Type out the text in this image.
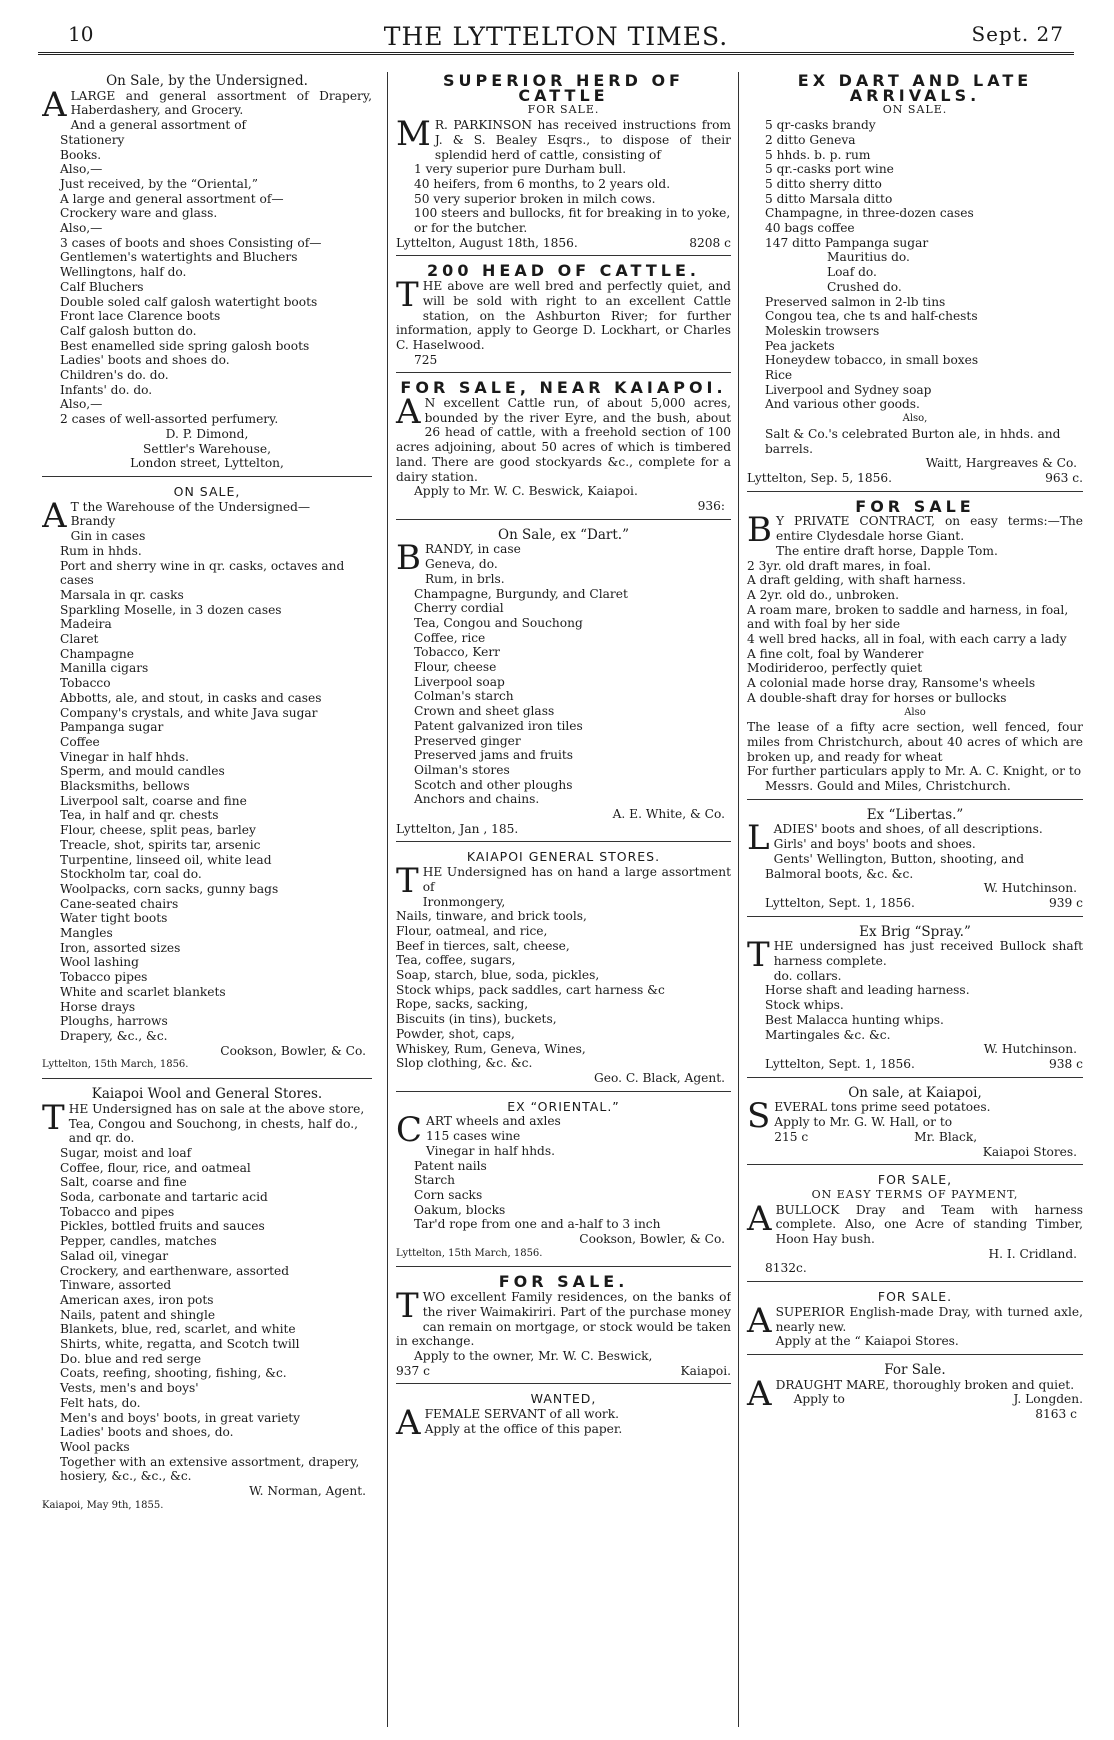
10	THE LYTTELTON TIMES.	Sept. 27
On Sale, by the Undersigned.
ALARGE and general assortment of Drapery, Haberdashery, and Grocery.
And a general assortment of
Stationery
Books.
Also,—
Just received, by the “Oriental,”
A large and general assortment of—
Crockery ware and glass.
Also,—
3 cases of boots and shoes Consisting of—
Gentlemen's watertights and Bluchers
Wellingtons, half do.
Calf Bluchers
Double soled calf galosh watertight boots
Front lace Clarence boots
Calf galosh button do.
Best enamelled side spring galosh boots
Ladies' boots and shoes do.
Children's do. do.
Infants' do. do.
Also,—
2 cases of well-assorted perfumery.
D. P. Dimond,
Settler's Warehouse,
London street, Lyttelton,
ON SALE,
A T the Warehouse of the Undersigned—
Brandy
Gin in cases
Rum in hhds.
Port and sherry wine in qr. casks, octaves and cases
Marsala in qr. casks
Sparkling Moselle, in 3 dozen cases
Madeira
Claret
Champagne
Manilla cigars
Tobacco
Abbotts, ale, and stout, in casks and cases
Company's crystals, and white Java sugar
Pampanga sugar
Coffee
Vinegar in half hhds.
Sperm, and mould candles
Blacksmiths, bellows
Liverpool salt, coarse and fine
Tea, in half and qr. chests
Flour, cheese, split peas, barley
Treacle, shot, spirits tar, arsenic
Turpentine, linseed oil, white lead
Stockholm tar, coal do.
Woolpacks, corn sacks, gunny bags
Cane-seated chairs
Water tight boots
Mangles
Iron, assorted sizes
Wool lashing
Tobacco pipes
White and scarlet blankets
Horse drays
Ploughs, harrows
Drapery, &c., &c.
Cookson, Bowler, & Co.
Lyttelton, 15th March, 1856.
Kaiapoi Wool and General Stores.
THE Undersigned has on sale at the above store,
Tea, Congou and Souchong, in chests, half do., and qr. do.
Sugar, moist and loaf
Coffee, flour, rice, and oatmeal
Salt, coarse and fine
Soda, carbonate and tartaric acid
Tobacco and pipes
Pickles, bottled fruits and sauces
Pepper, candles, matches
Salad oil, vinegar
Crockery, and earthenware, assorted
Tinware, assorted
American axes, iron pots
Nails, patent and shingle
Blankets, blue, red, scarlet, and white
Shirts, white, regatta, and Scotch twill
Do. blue and red serge
Coats, reefing, shooting, fishing, &c.
Vests, men's and boys'
Felt hats, do.
Men's and boys' boots, in great variety
Ladies' boots and shoes, do.
Wool packs
Together with an extensive assortment, drapery, hosiery, &c., &c., &c.
W. Norman, Agent.
Kaiapoi, May 9th, 1855.
SUPERIOR HERD OF CATTLE
FOR SALE.
M R. PARKINSON has received instructions from J. & S. Bealey Esqrs., to dispose of their splendid herd of cattle, consisting of
1 very superior pure Durham bull.
40 heifers, from 6 months, to 2 years old.
50 very superior broken in milch cows.
100 steers and bullocks, fit for breaking in to yoke, or for the butcher.
Lyttelton, August 18th, 1856.	8208 c
200 HEAD OF CATTLE.
THE above are well bred and perfectly quiet, and will be sold with right to an excellent Cattle station, on the Ashburton River; for further information, apply to George D. Lockhart, or Charles C. Haselwood.
725
FOR SALE, NEAR KAIAPOI.
A N excellent Cattle run, of about 5,000 acres, bounded by the river Eyre, and the bush, about 26 head of cattle, with a freehold section of 100 acres adjoining, about 50 acres of which is timbered land. There are good stockyards &c., complete for a dairy station.
Apply to Mr. W. C. Beswick, Kaiapoi.
936:
On Sale, ex “Dart.”
BRANDY, in case
Geneva, do.
Rum, in brls.
Champagne, Burgundy, and Claret
Cherry cordial
Tea, Congou and Souchong
Coffee, rice
Tobacco, Kerr
Flour, cheese
Liverpool soap
Colman's starch
Crown and sheet glass
Patent galvanized iron tiles
Preserved ginger
Preserved jams and fruits
Oilman's stores
Scotch and other ploughs
Anchors and chains.
A. E. White, & Co.
Lyttelton, Jan , 185.
KAIAPOI GENERAL STORES.
THE Undersigned has on hand a large assortment of
Ironmongery,
Nails, tinware, and brick tools,
Flour, oatmeal, and rice,
Beef in tierces, salt, cheese,
Tea, coffee, sugars,
Soap, starch, blue, soda, pickles,
Stock whips, pack saddles, cart harness &c
Rope, sacks, sacking,
Biscuits (in tins), buckets,
Powder, shot, caps,
Whiskey, Rum, Geneva, Wines,
Slop clothing, &c. &c.
Geo. C. Black, Agent.
EX “ORIENTAL.”
CART wheels and axles
115 cases wine
Vinegar in half hhds.
Patent nails
Starch
Corn sacks
Oakum, blocks
Tar'd rope from one and a-half to 3 inch
Cookson, Bowler, & Co.
Lyttelton, 15th March, 1856.
FOR SALE.
TWO excellent Family residences, on the banks of the river Waimakiriri. Part of the purchase money can remain on mortgage, or stock would be taken in exchange.
Apply to the owner, Mr. W. C. Beswick,
937 c	Kaiapoi.
WANTED,
AFEMALE SERVANT of all work.
Apply at the office of this paper.
EX DART AND LATE ARRIVALS.
ON SALE.
5 qr-casks brandy
2 ditto Geneva
5 hhds. b. p. rum
5 qr.-casks port wine
5 ditto sherry ditto
5 ditto Marsala ditto
Champagne, in three-dozen cases
40 bags coffee
147 ditto Pampanga sugar
Mauritius do.
Loaf do.
Crushed do.
Preserved salmon in 2-lb tins
Congou tea, che ts and half-chests
Moleskin trowsers
Pea jackets
Honeydew tobacco, in small boxes
Rice
Liverpool and Sydney soap
And various other goods.
Also,
Salt & Co.'s celebrated Burton ale, in hhds. and barrels.
Waitt, Hargreaves & Co.
Lyttelton, Sep. 5, 1856.	963 c.
FOR SALE
B Y PRIVATE CONTRACT, on easy terms:—The entire Clydesdale horse Giant.
The entire draft horse, Dapple Tom.
2 3yr. old draft mares, in foal.
A draft gelding, with shaft harness.
A 2yr. old do., unbroken.
A roam mare, broken to saddle and harness, in foal, and with foal by her side
4 well bred hacks, all in foal, with each carry a lady
A fine colt, foal by Wanderer
Modirideroo, perfectly quiet
A colonial made horse dray, Ransome's wheels
A double-shaft dray for horses or bullocks
Also
The lease of a fifty acre section, well fenced, four miles from Christchurch, about 40 acres of which are broken up, and ready for wheat
For further particulars apply to Mr. A. C. Knight, or to
Messrs. Gould and Miles, Christchurch.
Ex “Libertas.”
LADIES' boots and shoes, of all descriptions.
Girls' and boys' boots and shoes.
Gents' Wellington, Button, shooting, and Balmoral boots, &c. &c.
W. Hutchinson.
Lyttelton, Sept. 1, 1856.	939 c
Ex Brig “Spray.”
THE undersigned has just received Bullock shaft harness complete.
do. collars.
Horse shaft and leading harness.
Stock whips.
Best Malacca hunting whips.
Martingales &c. &c.
W. Hutchinson.
Lyttelton, Sept. 1, 1856.	938 c
On sale, at Kaiapoi,
SEVERAL tons prime seed potatoes.
Apply to Mr. G. W. Hall, or to
215 c	Mr. Black,
Kaiapoi Stores.
FOR SALE,
ON EASY TERMS OF PAYMENT,
ABULLOCK Dray and Team with harness complete. Also, one Acre of standing Timber, Hoon Hay bush.
H. I. Cridland.
8132c.
FOR SALE.
ASUPERIOR English-made Dray, with turned axle, nearly new.
Apply at the “ Kaiapoi Stores.
For Sale.
ADRAUGHT MARE, thoroughly broken and quiet.
Apply to	J. Longden.
8163 c
